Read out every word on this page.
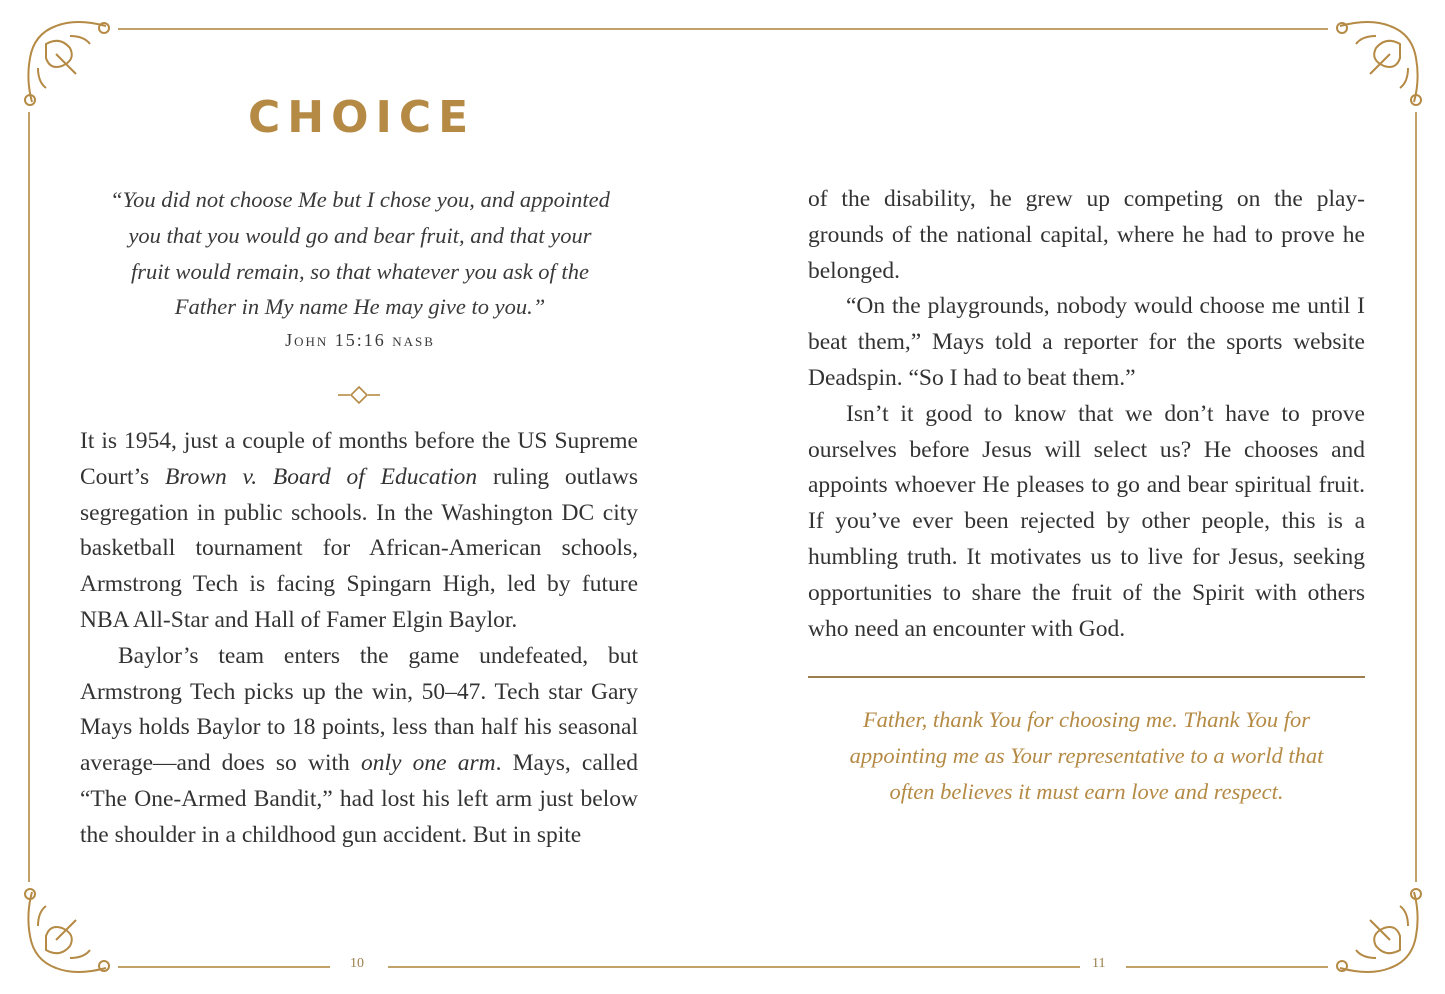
CHOICE
“You did not choose Me but I chose you, and appointed
you that you would go and bear fruit, and that your
fruit would remain, so that whatever you ask of the
Father in My name He may give to you.”
John 15:16 nasb

It is 1954, just a couple of months before the US Supreme Court’s Brown v. Board of Education ruling outlaws segregation in public schools. In the Washington DC city basketball tournament for African-American schools, Armstrong Tech is facing Spingarn High, led by future NBA All-Star and Hall of Famer Elgin Baylor.

Baylor’s team enters the game undefeated, but Armstrong Tech picks up the win, 50–47. Tech star Gary Mays holds Baylor to 18 points, less than half his seasonal average—and does so with only one arm. Mays, called “The One-Armed Bandit,” had lost his left arm just below the shoulder in a childhood gun accident. But in spite

10

of the disability, he grew up competing on the play-grounds of the national capital, where he had to prove he belonged.

“On the playgrounds, nobody would choose me until I beat them,” Mays told a reporter for the sports website Deadspin. “So I had to beat them.”

Isn’t it good to know that we don’t have to prove ourselves before Jesus will select us? He chooses and appoints whoever He pleases to go and bear spiritual fruit. If you’ve ever been rejected by other people, this is a humbling truth. It motivates us to live for Jesus, seeking opportunities to share the fruit of the Spirit with others who need an encounter with God.

Father, thank You for choosing me. Thank You for
appointing me as Your representative to a world that
often believes it must earn love and respect.
11
